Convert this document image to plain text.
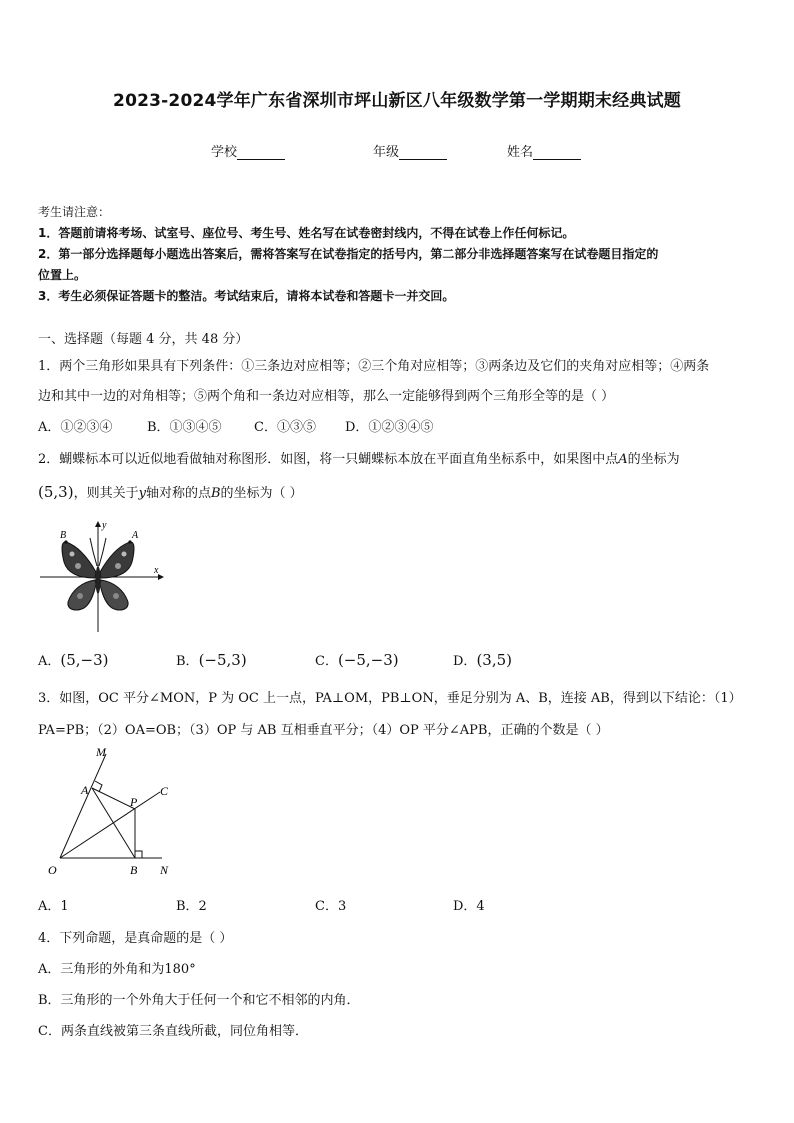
2023-2024学年广东省深圳市坪山新区八年级数学第一学期期末经典试题
学校	年级	姓名
考生请注意：
1．答题前请将考场、试室号、座位号、考生号、姓名写在试卷密封线内，不得在试卷上作任何标记。
2．第一部分选择题每小题选出答案后，需将答案写在试卷指定的括号内，第二部分非选择题答案写在试卷题目指定的
位置上。
3．考生必须保证答题卡的整洁。考试结束后，请将本试卷和答题卡一并交回。
一、选择题（每题 4 分，共 48 分）
1．两个三角形如果具有下列条件：①三条边对应相等；②三个角对应相等；③两条边及它们的夹角对应相等；④两条
边和其中一边的对角相等；⑤两个角和一条边对应相等，那么一定能够得到两个三角形全等的是（ ）
A．①②③④	B．①③④⑤ C．①③⑤ D．①②③④⑤
2．蝴蝶标本可以近似地看做轴对称图形．如图，将一只蝴蝶标本放在平面直角坐标系中，如果图中点A的坐标为
(5,3)，则其关于y轴对称的点B的坐标为（ ）
B	A
y
x
A．(5,−3)	B．(−5,3)	C．(−5,−3)	D．(3,5)
3．如图，OC 平分∠MON，P 为 OC 上一点，PA⊥OM，PB⊥ON，垂足分别为 A、B，连接 AB，得到以下结论：（1）
PA=PB；（2）OA=OB；（3）OP 与 AB 互相垂直平分；（4）OP 平分∠APB，正确的个数是（ ）
M
A
P
C
O	B N
A．1	B．2	C．3	D．4
4．下列命题，是真命题的是（ ）
A．三角形的外角和为180°
B．三角形的一个外角大于任何一个和它不相邻的内角．
C．两条直线被第三条直线所截，同位角相等．
